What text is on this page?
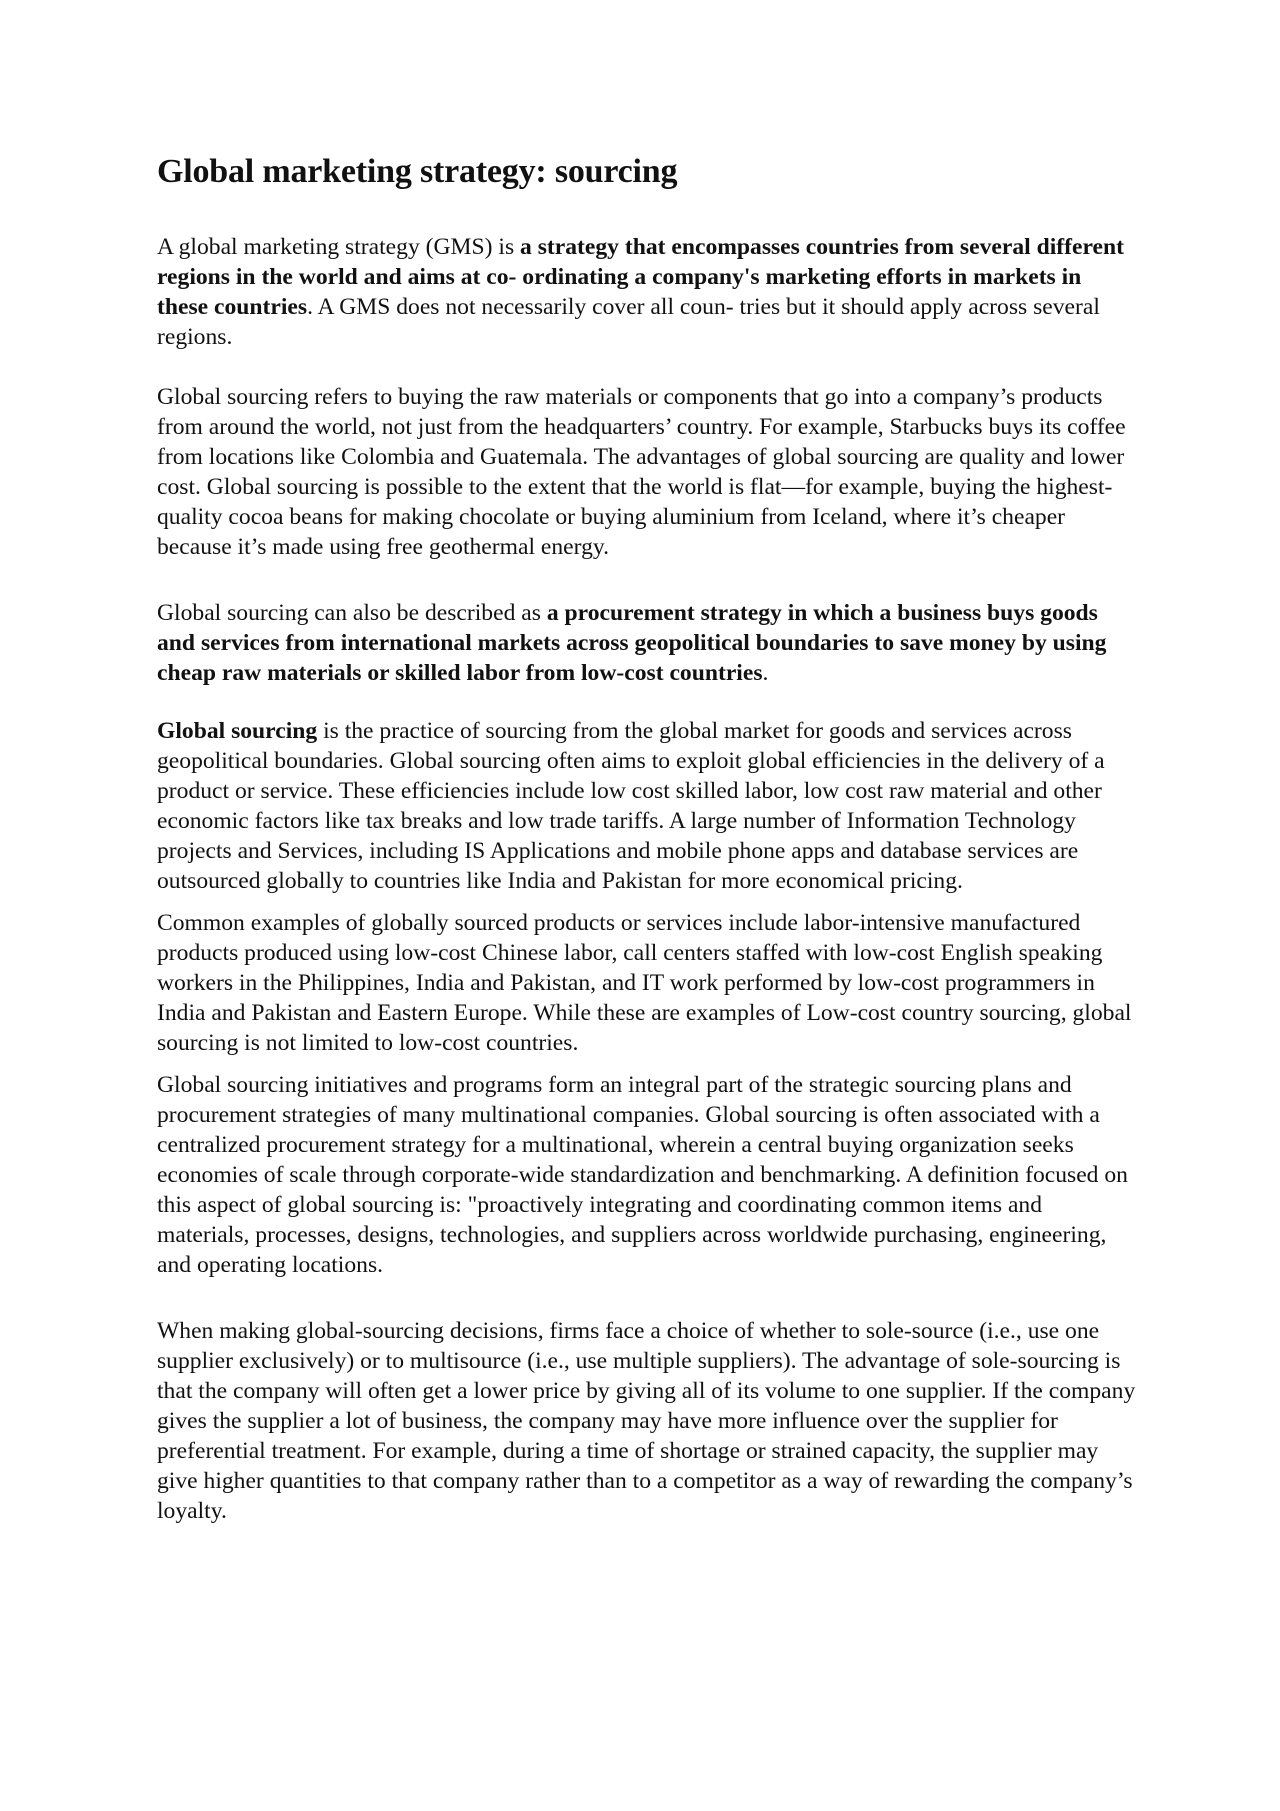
Global marketing strategy: sourcing

A global marketing strategy (GMS) is a strategy that encompasses countries from several different regions in the world and aims at co- ordinating a company's marketing efforts in markets in these countries. A GMS does not necessarily cover all coun- tries but it should apply across several regions.

Global sourcing refers to buying the raw materials or components that go into a company’s products from around the world, not just from the headquarters’ country. For example, Starbucks buys its coffee from locations like Colombia and Guatemala. The advantages of global sourcing are quality and lower cost. Global sourcing is possible to the extent that the world is flat—for example, buying the highest-quality cocoa beans for making chocolate or buying aluminium from Iceland, where it’s cheaper because it’s made using free geothermal energy.

Global sourcing can also be described as a procurement strategy in which a business buys goods and services from international markets across geopolitical boundaries to save money by using cheap raw materials or skilled labor from low-cost countries.

Global sourcing is the practice of sourcing from the global market for goods and services across geopolitical boundaries. Global sourcing often aims to exploit global efficiencies in the delivery of a product or service. These efficiencies include low cost skilled labor, low cost raw material and other economic factors like tax breaks and low trade tariffs. A large number of Information Technology projects and Services, including IS Applications and mobile phone apps and database services are outsourced globally to countries like India and Pakistan for more economical pricing.

Common examples of globally sourced products or services include labor-intensive manufactured products produced using low-cost Chinese labor, call centers staffed with low-cost English speaking workers in the Philippines, India and Pakistan, and IT work performed by low-cost programmers in India and Pakistan and Eastern Europe. While these are examples of Low-cost country sourcing, global sourcing is not limited to low-cost countries.

Global sourcing initiatives and programs form an integral part of the strategic sourcing plans and procurement strategies of many multinational companies. Global sourcing is often associated with a centralized procurement strategy for a multinational, wherein a central buying organization seeks economies of scale through corporate-wide standardization and benchmarking. A definition focused on this aspect of global sourcing is: "proactively integrating and coordinating common items and materials, processes, designs, technologies, and suppliers across worldwide purchasing, engineering, and operating locations.

When making global-sourcing decisions, firms face a choice of whether to sole-source (i.e., use one supplier exclusively) or to multisource (i.e., use multiple suppliers). The advantage of sole-sourcing is that the company will often get a lower price by giving all of its volume to one supplier. If the company gives the supplier a lot of business, the company may have more influence over the supplier for preferential treatment. For example, during a time of shortage or strained capacity, the supplier may give higher quantities to that company rather than to a competitor as a way of rewarding the company’s loyalty.
